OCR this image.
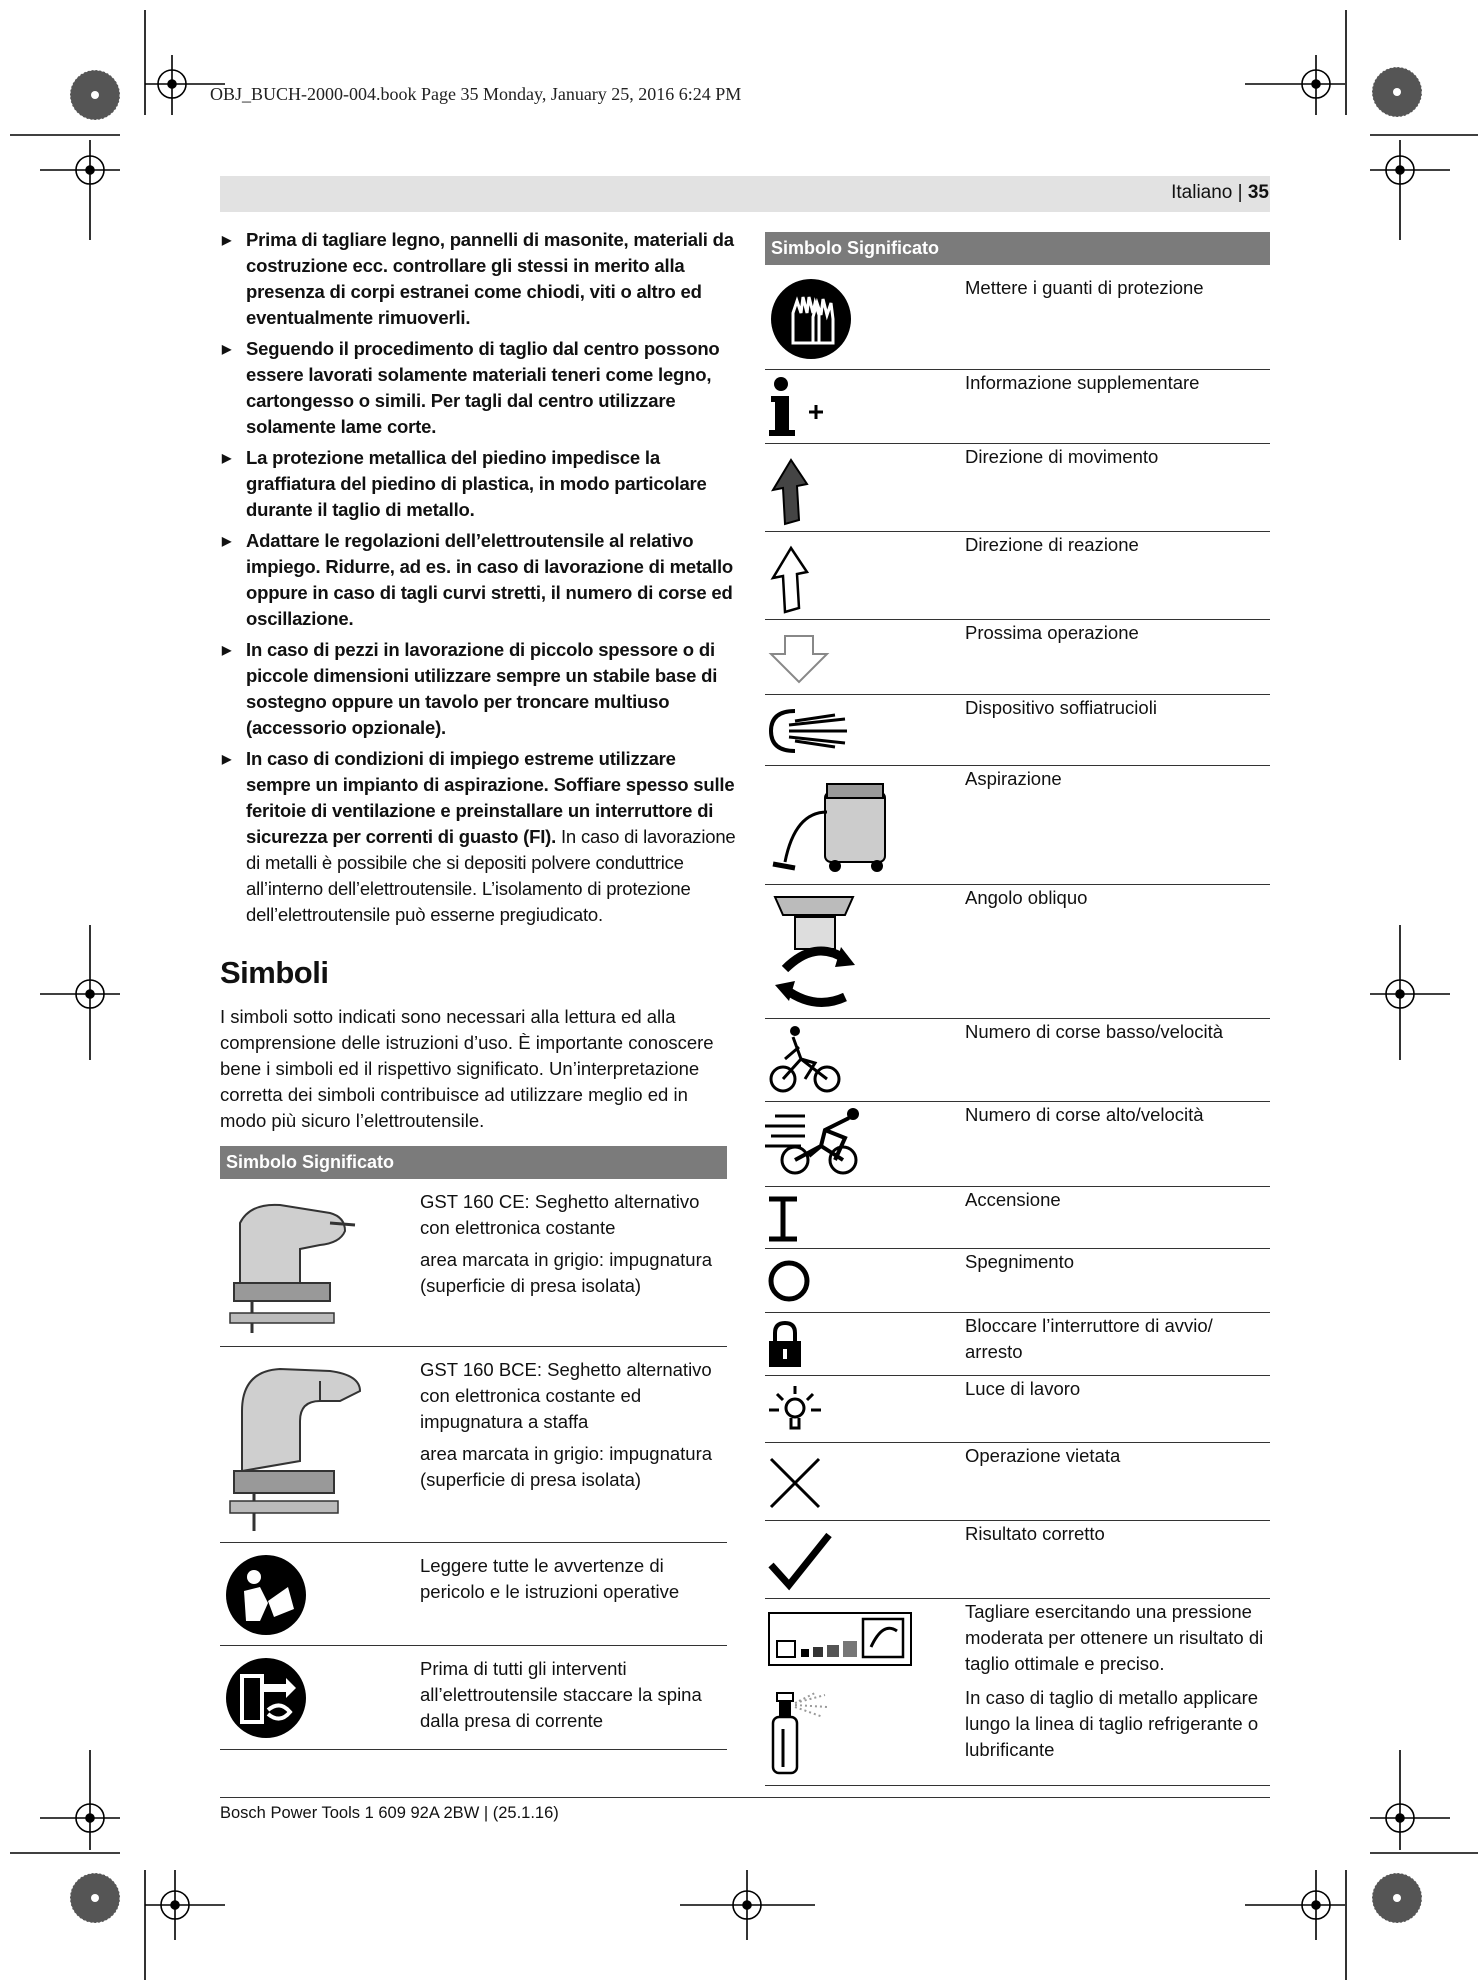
OBJ_BUCH-2000-004.book Page 35 Monday, January 25, 2016 6:24 PM
Italiano | 35

▶ Prima di tagliare legno, pannelli di masonite, materiali da costruzione ecc. controllare gli stessi in merito alla presenza di corpi estranei come chiodi, viti o altro ed eventualmente rimuoverli.

▶ Seguendo il procedimento di taglio dal centro possono essere lavorati solamente materiali teneri come legno, cartongesso o simili. Per tagli dal centro utilizzare solamente lame corte.

▶ La protezione metallica del piedino impedisce la graffiatura del piedino di plastica, in modo particolare durante il taglio di metallo.

▶ Adattare le regolazioni dell’elettroutensile al relativo impiego. Ridurre, ad es. in caso di lavorazione di metallo oppure in caso di tagli curvi stretti, il numero di corse ed oscillazione.

▶ In caso di pezzi in lavorazione di piccolo spessore o di piccole dimensioni utilizzare sempre un stabile base di sostegno oppure un tavolo per troncare multiuso (accessorio opzionale).

▶ In caso di condizioni di impiego estreme utilizzare sempre un impianto di aspirazione. Soffiare spesso sulle feritoie di ventilazione e preinstallare un interruttore di sicurezza per correnti di guasto (FI). In caso di lavorazione di metalli è possibile che si depositi polvere conduttrice all’interno dell’elettroutensile. L’isolamento di protezione dell’elettroutensile può esserne pregiudicato.

Simboli
I simboli sotto indicati sono necessari alla lettura ed alla comprensione delle istruzioni d’uso. È importante conoscere bene i simboli ed il rispettivo significato. Un’interpretazione corretta dei simboli contribuisce ad utilizzare meglio ed in modo più sicuro l’elettroutensile.
Simbolo Significato
GST 160 CE: Seghetto alternativo con elettronica costante
area marcata in grigio: impugnatura (superficie di presa isolata)
GST 160 BCE: Seghetto alternativo con elettronica costante ed impugnatura a staffa
area marcata in grigio: impugnatura (superficie di presa isolata)
Leggere tutte le avvertenze di pericolo e le istruzioni operative
Prima di tutti gli interventi all’elettroutensile staccare la spina dalla presa di corrente
Simbolo Significato
Mettere i guanti di protezione
Informazione supplementare
Direzione di movimento
Direzione di reazione
Prossima operazione
Dispositivo soffiatrucioli
Aspirazione
Angolo obliquo
Numero di corse basso/velocità
Numero di corse alto/velocità
Accensione
Spegnimento
Bloccare l’interruttore di avvio/ arresto
Luce di lavoro
Operazione vietata
Risultato corretto
Tagliare esercitando una pressione moderata per ottenere un risultato di taglio ottimale e preciso.
In caso di taglio di metallo applicare lungo la linea di taglio refrigerante o lubrificante
Bosch Power Tools 1 609 92A 2BW | (25.1.16)
